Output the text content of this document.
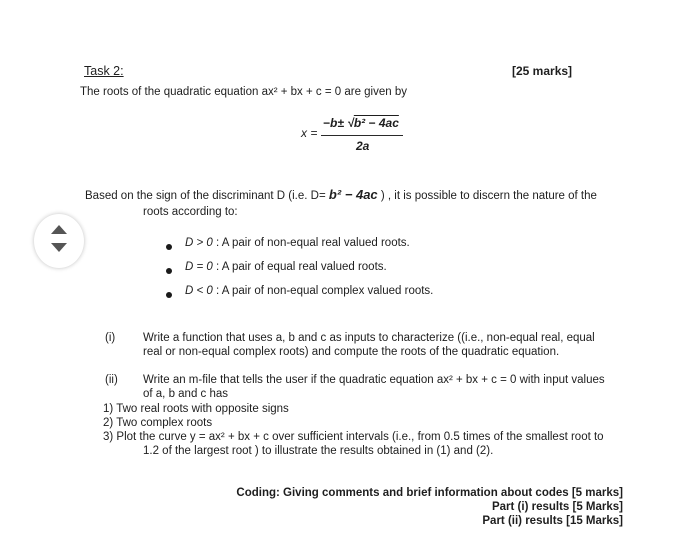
Task 2:	[25 marks]
The roots of the quadratic equation ax² + bx + c = 0 are given by
x =
−b± √b² − 4ac
2a
Based on the sign of the discriminant D (i.e. D= b² − 4ac ) , it is possible to discern the nature of the
roots according to:
D > 0 : A pair of non-equal real valued roots.
D = 0 : A pair of equal real valued roots.
D < 0 : A pair of non-equal complex valued roots.
(i) Write a function that uses a, b and c as inputs to characterize ((i.e., non-equal real, equal
real or non-equal complex roots) and compute the roots of the quadratic equation.
(ii) Write an m-file that tells the user if the quadratic equation ax² + bx + c = 0 with input values
of a, b and c has
1) Two real roots with opposite signs
2) Two complex roots
3) Plot the curve y = ax² + bx + c over sufficient intervals (i.e., from 0.5 times of the smallest root to
1.2 of the largest root ) to illustrate the results obtained in (1) and (2).
Coding: Giving comments and brief information about codes [5 marks]
Part (i) results [5 Marks]
Part (ii) results [15 Marks]
